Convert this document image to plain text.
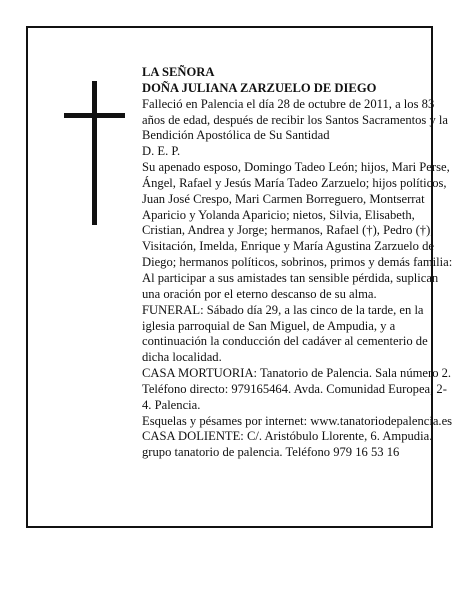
LA SEÑORA

DOÑA JULIANA ZARZUELO DE DIEGO

Falleció en Palencia el día 28 de octubre de 2011, a los 83 años de edad, después de recibir los Santos Sacramentos y la Bendición Apostólica de Su Santidad

D. E. P.

Su apenado esposo, Domingo Tadeo León; hijos, Mari Perse, Ángel, Rafael y Jesús María Tadeo Zarzuelo; hijos políticos, Juan José Crespo, Mari Carmen Borreguero, Montserrat Aparicio y Yolanda Aparicio; nietos, Silvia, Elisabeth, Cristian, Andrea y Jorge; hermanos, Rafael (†), Pedro (†), Visitación, Imelda, Enrique y María Agustina Zarzuelo de Diego; hermanos políticos, sobrinos, primos y demás familia:

Al participar a sus amistades tan sensible pérdida, suplican una oración por el eterno descanso de su alma.

FUNERAL: Sábado día 29, a las cinco de la tarde, en la iglesia parroquial de San Miguel, de Ampudia, y a continuación la conducción del cadáver al cementerio de dicha localidad.

CASA MORTUORIA: Tanatorio de Palencia. Sala número 2. Teléfono directo: 979165464. Avda. Comunidad Europea, 2-4. Palencia.

Esquelas y pésames por internet: www.tanatoriodepalencia.es

CASA DOLIENTE: C/. Aristóbulo Llorente, 6. Ampudia.

grupo tanatorio de palencia. Teléfono 979 16 53 16
